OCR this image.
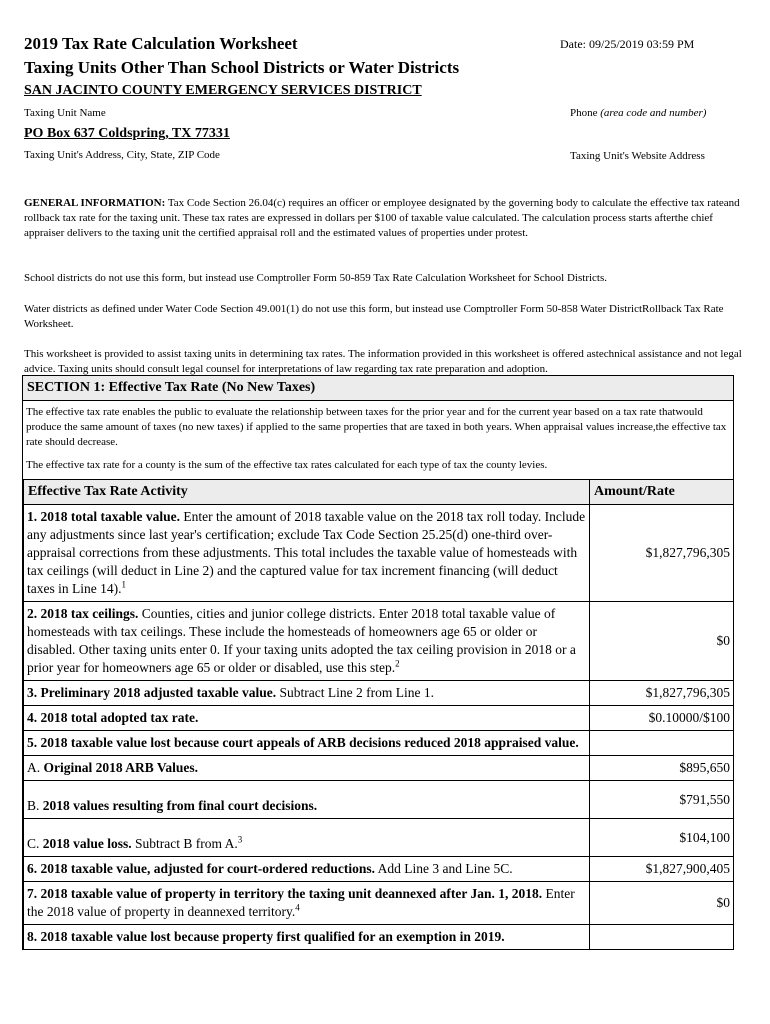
2019 Tax Rate Calculation Worksheet	Date: 09/25/2019 03:59 PM
Taxing Units Other Than School Districts or Water Districts
SAN JACINTO COUNTY EMERGENCY SERVICES DISTRICT
Taxing Unit Name	Phone (area code and number)
PO Box 637 Coldspring, TX 77331
Taxing Unit's Address, City, State, ZIP Code	Taxing Unit's Website Address
GENERAL INFORMATION: Tax Code Section 26.04(c) requires an officer or employee designated by the governing body to calculate the effective tax rateand rollback tax rate for the taxing unit. These tax rates are expressed in dollars per $100 of taxable value calculated. The calculation process starts afterthe chief appraiser delivers to the taxing unit the certified appraisal roll and the estimated values of properties under protest.
School districts do not use this form, but instead use Comptroller Form 50-859 Tax Rate Calculation Worksheet for School Districts.
Water districts as defined under Water Code Section 49.001(1) do not use this form, but instead use Comptroller Form 50-858 Water DistrictRollback Tax Rate Worksheet.
This worksheet is provided to assist taxing units in determining tax rates. The information provided in this worksheet is offered astechnical assistance and not legal advice. Taxing units should consult legal counsel for interpretations of law regarding tax rate preparation and adoption.
SECTION 1: Effective Tax Rate (No New Taxes)

The effective tax rate enables the public to evaluate the relationship between taxes for the prior year and for the current year based on a tax rate thatwould produce the same amount of taxes (no new taxes) if applied to the same properties that are taxed in both years. When appraisal values increase,the effective tax rate should decrease.

The effective tax rate for a county is the sum of the effective tax rates calculated for each type of tax the county levies.

Effective Tax Rate Activity	Amount/Rate
1. 2018 total taxable value. Enter the amount of 2018 taxable value on the 2018 tax roll today. Include any adjustments since last year's certification; exclude Tax Code Section 25.25(d) one-third over-appraisal corrections from these adjustments. This total includes the taxable value of homesteads with tax ceilings (will deduct in Line 2) and the captured value for tax increment financing (will deduct taxes in Line 14).$^1$	$1,827,796,305
2. 2018 tax ceilings. Counties, cities and junior college districts. Enter 2018 total taxable value of homesteads with tax ceilings. These include the homesteads of homeowners age 65 or older or disabled. Other taxing units enter 0. If your taxing units adopted the tax ceiling provision in 2018 or a prior year for homeowners age 65 or older or disabled, use this step.$^2$	$0
3. Preliminary 2018 adjusted taxable value. Subtract Line 2 from Line 1.	$1,827,796,305
4. 2018 total adopted tax rate.	$0.10000/$100
5. 2018 taxable value lost because court appeals of ARB decisions reduced 2018 appraised value.	
A. Original 2018 ARB Values.	$895,650
B. 2018 values resulting from final court decisions.	$791,550
C. 2018 value loss. Subtract B from A.$^3$	$104,100
6. 2018 taxable value, adjusted for court-ordered reductions. Add Line 3 and Line 5C.	$1,827,900,405
7. 2018 taxable value of property in territory the taxing unit deannexed after Jan. 1, 2018. Enter the 2018 value of property in deannexed territory.$^4$	$0
8. 2018 taxable value lost because property first qualified for an exemption in 2019.	
